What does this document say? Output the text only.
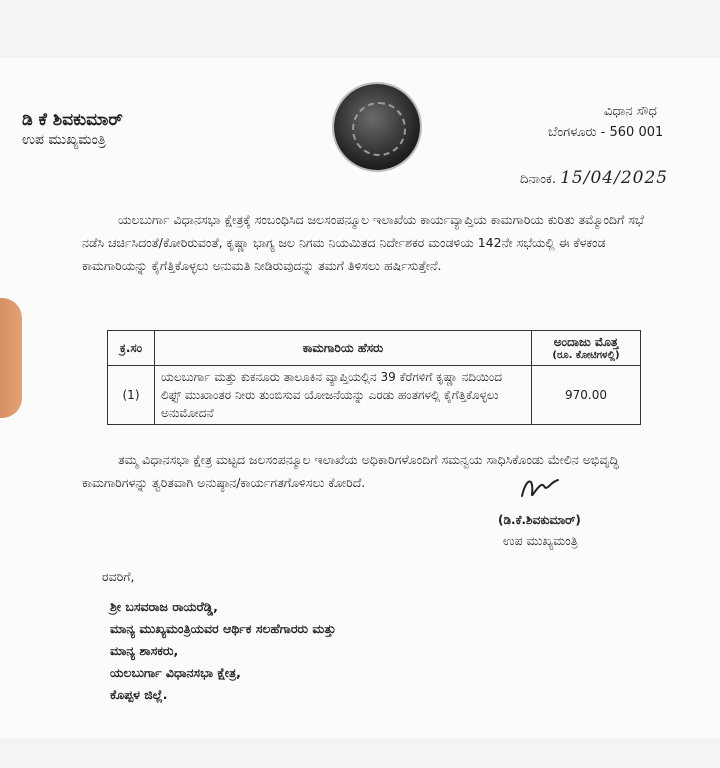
ಡಿ ಕೆ ಶಿವಕುಮಾರ್
ಉಪ ಮುಖ್ಯಮಂತ್ರಿ
ವಿಧಾನ ಸೌಧ
ಬೆಂಗಳೂರು - 560 001
ದಿನಾಂಕ. 15/04/2025
ಯಲಬುರ್ಗಾ ವಿಧಾನಸಭಾ ಕ್ಷೇತ್ರಕ್ಕೆ ಸಂಬಂಧಿಸಿದ ಜಲಸಂಪನ್ಮೂಲ ಇಲಾಖೆಯ ಕಾರ್ಯವ್ಯಾಪ್ತಿಯ ಕಾಮಗಾರಿಯ ಕುರಿತು ತಮ್ಮೊಂದಿಗೆ ಸಭೆ ನಡೆಸಿ ಚರ್ಚಿಸಿದಂತೆ/ಕೋರಿರುವಂತೆ, ಕೃಷ್ಣಾ ಭಾಗ್ಯ ಜಲ ನಿಗಮ ನಿಯಮಿತದ ನಿರ್ದೇಶಕರ ಮಂಡಳಿಯ 142ನೇ ಸಭೆಯಲ್ಲಿ ಈ ಕೆಳಕಂಡ ಕಾಮಗಾರಿಯನ್ನು ಕೈಗೆತ್ತಿಕೊಳ್ಳಲು ಅನುಮತಿ ನೀಡಿರುವುದನ್ನು ತಮಗೆ ತಿಳಿಸಲು ಹರ್ಷಿಸುತ್ತೇನೆ.
ಕ್ರ.ಸಂ	ಕಾಮಗಾರಿಯ ಹೆಸರು	ಅಂದಾಜು ಮೊತ್ತ
(ರೂ. ಕೋಟಿಗಳಲ್ಲಿ)

(1)	ಯಲಬುರ್ಗಾ ಮತ್ತು ಕುಕನೂರು ತಾಲೂಕಿನ ವ್ಯಾಪ್ತಿಯಲ್ಲಿನ 39 ಕೆರೆಗಳಿಗೆ ಕೃಷ್ಣಾ ನದಿಯಿಂದ ಲಿಫ್ಟ್ ಮುಖಾಂತರ ನೀರು ತುಂಬಿಸುವ ಯೋಜನೆಯನ್ನು ಎರಡು ಹಂತಗಳಲ್ಲಿ ಕೈಗೆತ್ತಿಕೊಳ್ಳಲು ಅನುಮೋದನೆ	970.00
ತಮ್ಮ ವಿಧಾನಸಭಾ ಕ್ಷೇತ್ರ ಮಟ್ಟದ ಜಲಸಂಪನ್ಮೂಲ ಇಲಾಖೆಯ ಅಧಿಕಾರಿಗಳೊಂದಿಗೆ ಸಮನ್ವಯ ಸಾಧಿಸಿಕೊಂಡು ಮೇಲಿನ ಅಭಿವೃದ್ಧಿ ಕಾಮಗಾರಿಗಳನ್ನು ತ್ವರಿತವಾಗಿ ಅನುಷ್ಠಾನ/ಕಾರ್ಯಗತಗೊಳಿಸಲು ಕೋರಿದೆ.
(ಡಿ.ಕೆ.ಶಿವಕುಮಾರ್)
ಉಪ ಮುಖ್ಯಮಂತ್ರಿ
ರವರಿಗೆ,
ಶ್ರೀ ಬಸವರಾಜ ರಾಯರೆಡ್ಡಿ,
ಮಾನ್ಯ ಮುಖ್ಯಮಂತ್ರಿಯವರ ಆರ್ಥಿಕ ಸಲಹೆಗಾರರು ಮತ್ತು
ಮಾನ್ಯ ಶಾಸಕರು,
ಯಲಬುರ್ಗಾ ವಿಧಾನಸಭಾ ಕ್ಷೇತ್ರ,
ಕೊಪ್ಪಳ ಜಿಲ್ಲೆ.
